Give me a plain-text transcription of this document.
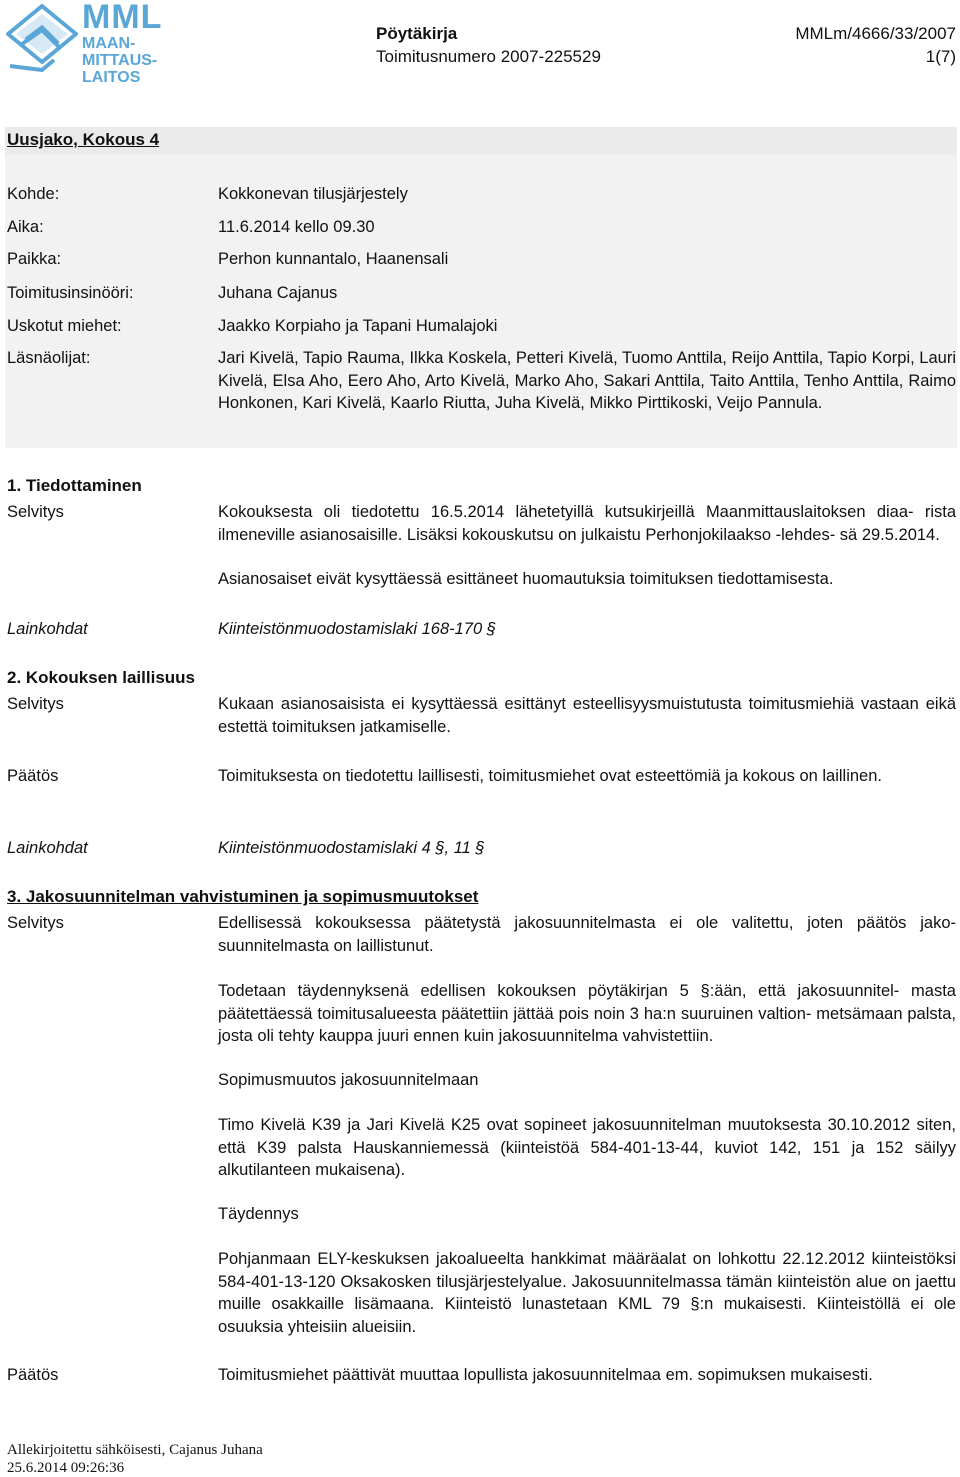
MML
MAAN-
MITTAUS-
LAITOS
Pöytäkirja	MMLm/4666/33/2007
Toimitusnumero 2007-225529	1(7)
Uusjako, Kokous 4
Kohde:	Kokkonevan tilusjärjestely
Aika:	11.6.2014 kello 09.30
Paikka:	Perhon kunnantalo, Haanensali
Toimitusinsinööri:	Juhana Cajanus
Uskotut miehet:	Jaakko Korpiaho ja Tapani Humalajoki
Läsnäolijat:	Jari Kivelä, Tapio Rauma, Ilkka Koskela, Petteri Kivelä, Tuomo Anttila, Reijo Anttila, Tapio Korpi, Lauri Kivelä, Elsa Aho, Eero Aho, Arto Kivelä, Marko Aho, Sakari Anttila, Taito Anttila, Tenho Anttila, Raimo Honkonen, Kari Kivelä, Kaarlo Riutta, Juha Kivelä, Mikko Pirttikoski, Veijo Pannula.
1. Tiedottaminen
Selvitys	Kokouksesta oli tiedotettu 16.5.2014 lähetetyillä kutsukirjeillä Maanmittauslaitoksen diaa- rista ilmeneville asianosaisille. Lisäksi kokouskutsu on julkaistu Perhonjokilaakso -lehdes- sä 29.5.2014.
Asianosaiset eivät kysyttäessä esittäneet huomautuksia toimituksen tiedottamisesta.
Lainkohdat	Kiinteistönmuodostamislaki 168-170 §
2. Kokouksen laillisuus
Selvitys	Kukaan asianosaisista ei kysyttäessä esittänyt esteellisyysmuistutusta toimitusmiehiä vastaan eikä estettä toimituksen jatkamiselle.
Päätös	Toimituksesta on tiedotettu laillisesti, toimitusmiehet ovat esteettömiä ja kokous on laillinen.
Lainkohdat	Kiinteistönmuodostamislaki 4 §, 11 §
3. Jakosuunnitelman vahvistuminen ja sopimusmuutokset
Selvitys	Edellisessä kokouksessa päätetystä jakosuunnitelmasta ei ole valitettu, joten päätös jako- suunnitelmasta on laillistunut.
Todetaan täydennyksenä edellisen kokouksen pöytäkirjan 5 §:ään, että jakosuunnitel- masta päätettäessä toimitusalueesta päätettiin jättää pois noin 3 ha:n suuruinen valtion- metsämaan palsta, josta oli tehty kauppa juuri ennen kuin jakosuunnitelma vahvistettiin.
Sopimusmuutos jakosuunnitelmaan
Timo Kivelä K39 ja Jari Kivelä K25 ovat sopineet jakosuunnitelman muutoksesta 30.10.2012 siten, että K39 palsta Hauskanniemessä (kiinteistöä 584-401-13-44, kuviot 142, 151 ja 152 säilyy alkutilanteen mukaisena).
Täydennys
Pohjanmaan ELY-keskuksen jakoalueelta hankkimat määräalat on lohkottu 22.12.2012 kiinteistöksi 584-401-13-120 Oksakosken tilusjärjestelyalue. Jakosuunnitelmassa tämän kiinteistön alue on jaettu muille osakkaille lisämaana. Kiinteistö lunastetaan KML 79 §:n mukaisesti. Kiinteistöllä ei ole osuuksia yhteisiin alueisiin.
Päätös	Toimitusmiehet päättivät muuttaa lopullista jakosuunnitelmaa em. sopimuksen mukaisesti.
Allekirjoitettu sähköisesti, Cajanus Juhana
25.6.2014 09:26:36
